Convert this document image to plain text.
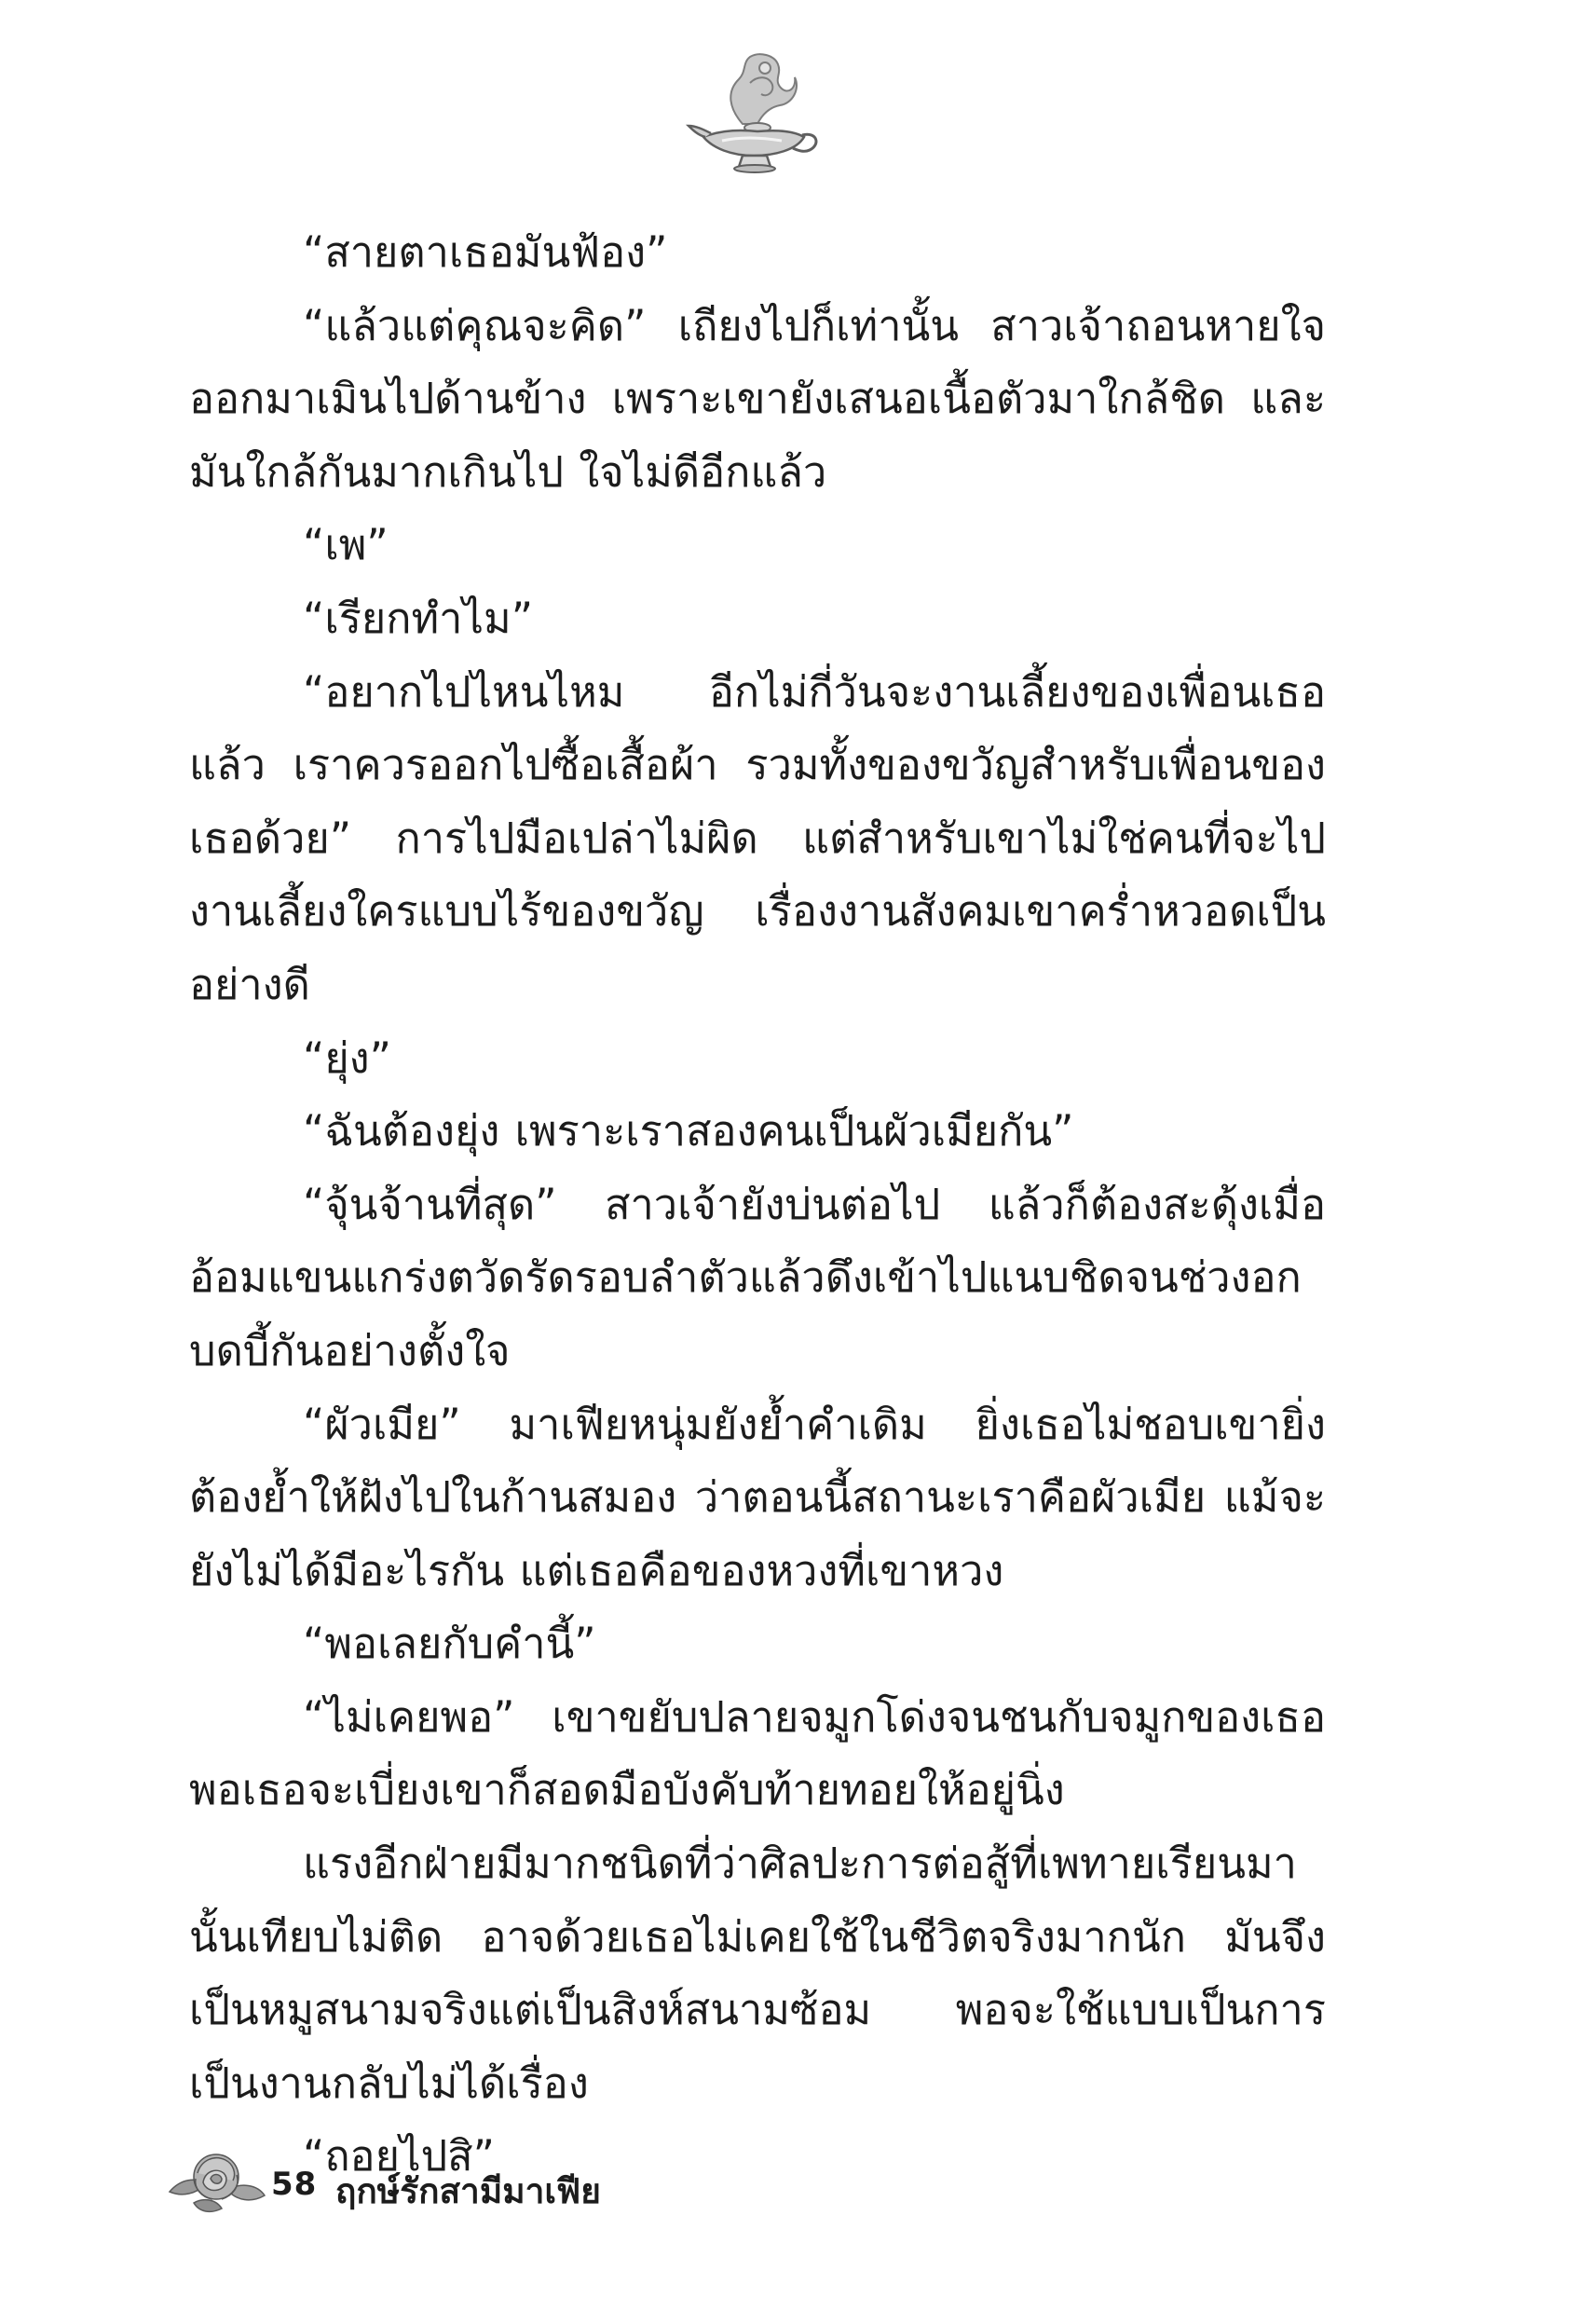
“สายตาเธอมันฟ้อง”

“แล้วแต่คุณจะคิด” เถียงไปก็เท่านั้น สาวเจ้าถอนหายใจออกมาเมินไปด้านข้าง เพราะเขายังเสนอเนื้อตัวมาใกล้ชิด และมันใกล้กันมากเกินไป ใจไม่ดีอีกแล้ว

“เพ”

“เรียกทำไม”

“อยากไปไหนไหม อีกไม่กี่วันจะงานเลี้ยงของเพื่อนเธอแล้ว เราควรออกไปซื้อเสื้อผ้า รวมทั้งของขวัญสำหรับเพื่อนของเธอด้วย” การไปมือเปล่าไม่ผิด แต่สำหรับเขาไม่ใช่คนที่จะไปงานเลี้ยงใครแบบไร้ของขวัญ เรื่องงานสังคมเขาคร่ำหวอดเป็นอย่างดี

“ยุ่ง”

“ฉันต้องยุ่ง เพราะเราสองคนเป็นผัวเมียกัน”

“จุ้นจ้านที่สุด” สาวเจ้ายังบ่นต่อไป แล้วก็ต้องสะดุ้งเมื่ออ้อมแขนแกร่งตวัดรัดรอบลำตัวแล้วดึงเข้าไปแนบชิดจนช่วงอกบดบี้กันอย่างตั้งใจ

“ผัวเมีย” มาเฟียหนุ่มยังย้ำคำเดิม ยิ่งเธอไม่ชอบเขายิ่งต้องย้ำให้ฝังไปในก้านสมอง ว่าตอนนี้สถานะเราคือผัวเมีย แม้จะยังไม่ได้มีอะไรกัน แต่เธอคือของหวงที่เขาหวง

“พอเลยกับคำนี้”

“ไม่เคยพอ” เขาขยับปลายจมูกโด่งจนชนกับจมูกของเธอ พอเธอจะเบี่ยงเขาก็สอดมือบังคับท้ายทอยให้อยู่นิ่ง

แรงอีกฝ่ายมีมากชนิดที่ว่าศิลปะการต่อสู้ที่เพทายเรียนมานั้นเทียบไม่ติด อาจด้วยเธอไม่เคยใช้ในชีวิตจริงมากนัก มันจึงเป็นหมูสนามจริงแต่เป็นสิงห์สนามซ้อม พอจะใช้แบบเป็นการเป็นงานกลับไม่ได้เรื่อง

“ถอยไปสิ”

58 ฤกษ์รักสามีมาเฟีย
